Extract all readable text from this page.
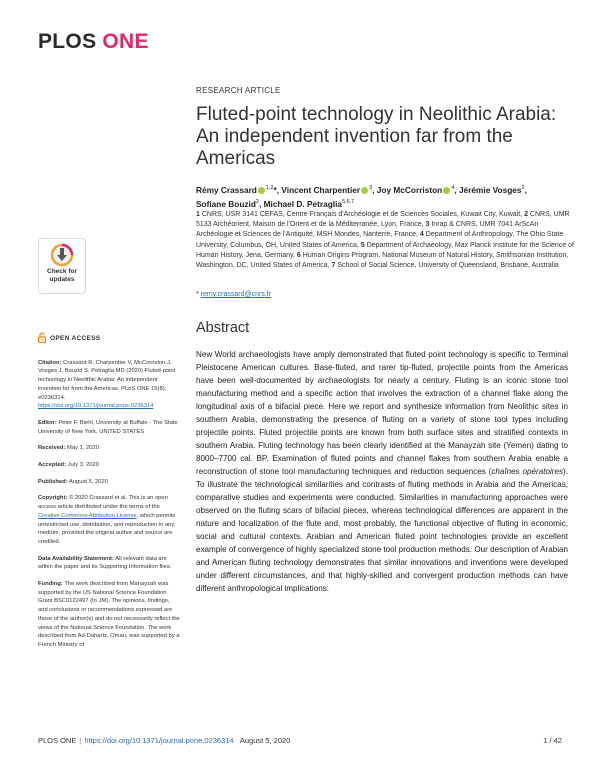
PLOS ONE
RESEARCH ARTICLE
Fluted-point technology in Neolithic Arabia: An independent invention far from the Americas
Rémy Crassard $^{1,2}$*, Vincent Charpentier $^3$, Joy McCorriston $^4$, Jérémie Vosges$^2$,
Sofiane Bouzid$^2$, Michael D. Petraglia$^{5,6,7}$
1 CNRS, USR 3141 CEFAS, Centre Français d'Archéologie et de Sciences Sociales, Kuwait City, Kuwait, 2 CNRS, UMR 5133 Archéorient, Maison de l'Orient et de la Méditerranée, Lyon, France, 3 Inrap & CNRS, UMR 7041 ArScAn Archéologie et Sciences de l'Antiquité, MSH Mondes, Nanterre, France, 4 Department of Anthropology, The Ohio State University, Columbus, OH, United States of America, 5 Department of Archaeology, Max Planck Institute for the Science of Human History, Jena, Germany, 6 Human Origins Program, National Museum of Natural History, Smithsonian Institution, Washington, DC, United States of America, 7 School of Social Science, University of Queensland, Brisbane, Australia
* remy.crassard@cnrs.fr
Check for
updates
OPEN ACCESS

Citation: Crassard R, Charpentier V, McCorriston J, Vosges J, Bouzid S, Petraglia MD (2020) Fluted-point technology in Neolithic Arabia: An independent invention far from the Americas. PLoS ONE 15(8): e0236314. https://doi.org/10.1371/journal.pone.0236314

Editor: Peter F. Biehl, University at Buffalo - The State University of New York, UNITED STATES

Received: May 1, 2020

Accepted: July 3, 2020

Published: August 5, 2020

Copyright: © 2020 Crassard et al. This is an open access article distributed under the terms of the Creative Commons Attribution License, which permits unrestricted use, distribution, and reproduction in any medium, provided the original author and source are credited.

Data Availability Statement: All relevant data are within the paper and its Supporting Information files.

Funding: The work described from Manayzah was supported by the US National Science Foundation Grant BSC0122497 (to JM). The opinions, findings, and conclusions or recommendations expressed are those of the author(s) and do not necessarily reflect the views of the National Science Foundation. The work described from Ad-DaharIz, Oman, was supported by a French Ministry of

Abstract
New World archaeologists have amply demonstrated that fluted point technology is specific to Terminal Pleistocene American cultures. Base-fluted, and rarer tip-fluted, projectile points from the Americas have been well-documented by archaeologists for nearly a century. Fluting is an iconic stone tool manufacturing method and a specific action that involves the extraction of a channel flake along the longitudinal axis of a bifacial piece. Here we report and synthesize information from Neolithic sites in southern Arabia, demonstrating the presence of fluting on a variety of stone tool types including projectile points. Fluted projectile points are known from both surface sites and stratified contexts in southern Arabia. Fluting technology has been clearly identified at the Manayzah site (Yemen) dating to 8000–7700 cal. BP. Examination of fluted points and channel flakes from southern Arabia enable a reconstruction of stone tool manufacturing techniques and reduction sequences (chaînes opératoires). To illustrate the technological similarities and contrasts of fluting methods in Arabia and the Americas, comparative studies and experiments were conducted. Similarities in manufacturing approaches were observed on the fluting scars of bifacial pieces, whereas technological differences are apparent in the nature and localization of the flute and, most probably, the functional objective of fluting in economic, social and cultural contexts. Arabian and American fluted point technologies provide an excellent example of convergence of highly specialized stone tool production methods. Our description of Arabian and American fluting technology demonstrates that similar innovations and inventions were developed under different circumstances, and that highly-skilled and convergent production methods can have different anthropological implications.
PLOS ONE | https://doi.org/10.1371/journal.pone.0236314 August 5, 2020	1 / 42
